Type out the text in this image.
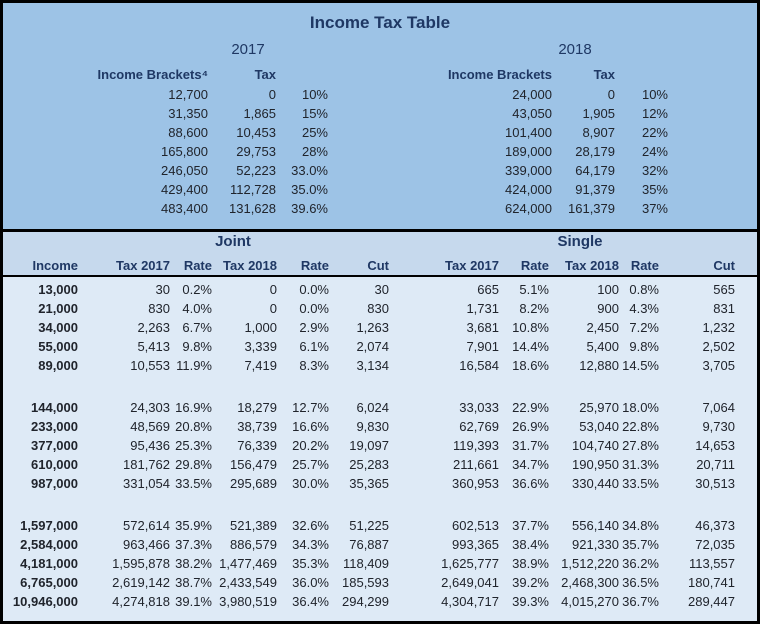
Income Tax Table
2017	2018
Income Brackets⁴	Tax	
12,700	0	10%
31,350	1,865	15%
88,600	10,453	25%
165,800	29,753	28%
246,050	52,223	33.0%
429,400	112,728	35.0%
483,400	131,628	39.6%
Income Brackets	Tax	
24,000	0	10%
43,050	1,905	12%
101,400	8,907	22%
189,000	28,179	24%
339,000	64,179	32%
424,000	91,379	35%
624,000	161,379	37%
Joint	Single
Income	Tax 2017	Rate	Tax 2018	Rate	Cut	Tax 2017	Rate	Tax 2018	Rate	Cut
13,000	30	0.2%	0	0.0%	30	665	5.1%	100	0.8%	565
21,000	830	4.0%	0	0.0%	830	1,731	8.2%	900	4.3%	831
34,000	2,263	6.7%	1,000	2.9%	1,263	3,681	10.8%	2,450	7.2%	1,232
55,000	5,413	9.8%	3,339	6.1%	2,074	7,901	14.4%	5,400	9.8%	2,502
89,000	10,553	11.9%	7,419	8.3%	3,134	16,584	18.6%	12,880	14.5%	3,705

144,000	24,303	16.9%	18,279	12.7%	6,024	33,033	22.9%	25,970	18.0%	7,064
233,000	48,569	20.8%	38,739	16.6%	9,830	62,769	26.9%	53,040	22.8%	9,730
377,000	95,436	25.3%	76,339	20.2%	19,097	119,393	31.7%	104,740	27.8%	14,653
610,000	181,762	29.8%	156,479	25.7%	25,283	211,661	34.7%	190,950	31.3%	20,711
987,000	331,054	33.5%	295,689	30.0%	35,365	360,953	36.6%	330,440	33.5%	30,513

1,597,000	572,614	35.9%	521,389	32.6%	51,225	602,513	37.7%	556,140	34.8%	46,373
2,584,000	963,466	37.3%	886,579	34.3%	76,887	993,365	38.4%	921,330	35.7%	72,035
4,181,000	1,595,878	38.2%	1,477,469	35.3%	118,409	1,625,777	38.9%	1,512,220	36.2%	113,557
6,765,000	2,619,142	38.7%	2,433,549	36.0%	185,593	2,649,041	39.2%	2,468,300	36.5%	180,741
10,946,000	4,274,818	39.1%	3,980,519	36.4%	294,299	4,304,717	39.3%	4,015,270	36.7%	289,447
